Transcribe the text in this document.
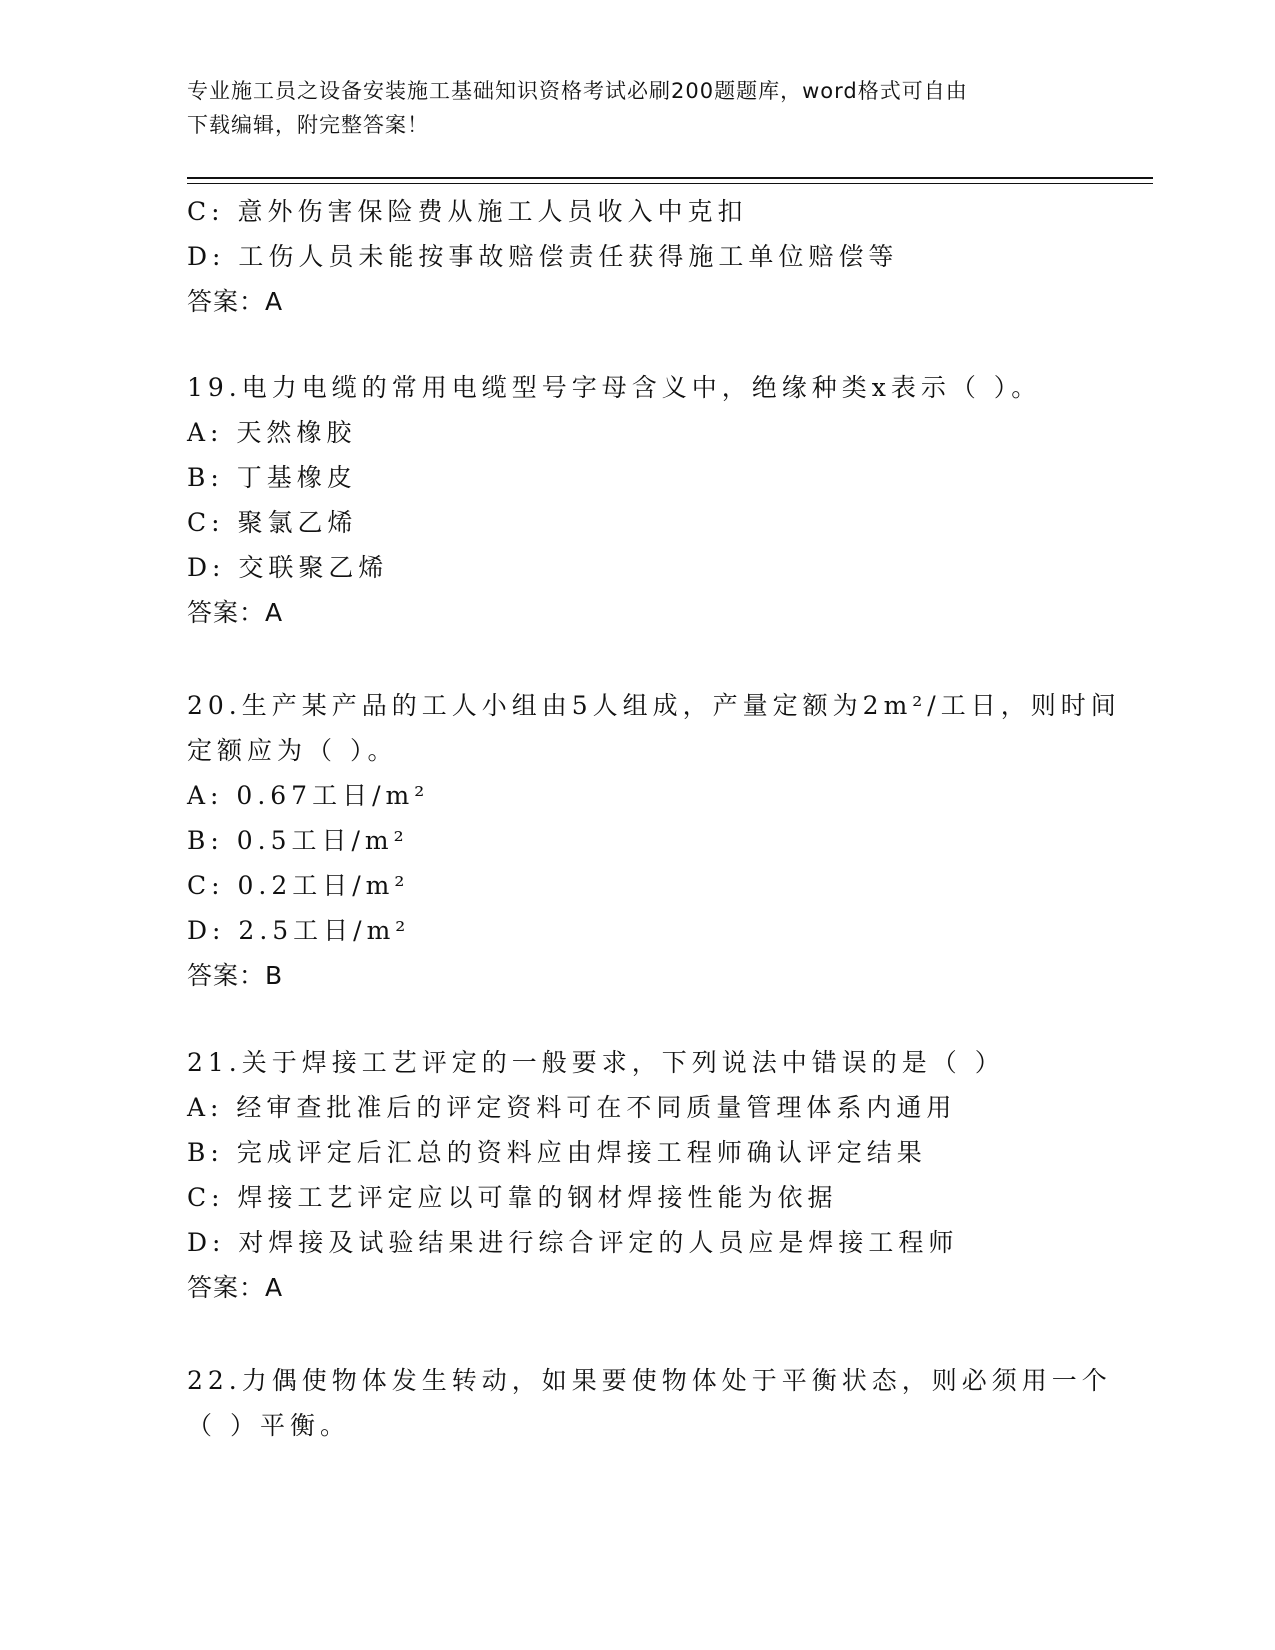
专业施工员之设备安装施工基础知识资格考试必刷200题题库，word格式可自由
下载编辑，附完整答案！
C: 意外伤害保险费从施工人员收入中克扣
D: 工伤人员未能按事故赔偿责任获得施工单位赔偿等
答案：A
19.电力电缆的常用电缆型号字母含义中，绝缘种类x表示（ ）。
A: 天然橡胶
B: 丁基橡皮
C: 聚氯乙烯
D: 交联聚乙烯
答案：A
20.生产某产品的工人小组由5人组成，产量定额为2m²/工日，则时间
定额应为（ ）。
A: 0.67工日/m²
B: 0.5工日/m²
C: 0.2工日/m²
D: 2.5工日/m²
答案：B
21.关于焊接工艺评定的一般要求，下列说法中错误的是（ ）
A: 经审查批准后的评定资料可在不同质量管理体系内通用
B: 完成评定后汇总的资料应由焊接工程师确认评定结果
C: 焊接工艺评定应以可靠的钢材焊接性能为依据
D: 对焊接及试验结果进行综合评定的人员应是焊接工程师
答案：A
22.力偶使物体发生转动，如果要使物体处于平衡状态，则必须用一个
（ ）平衡。
